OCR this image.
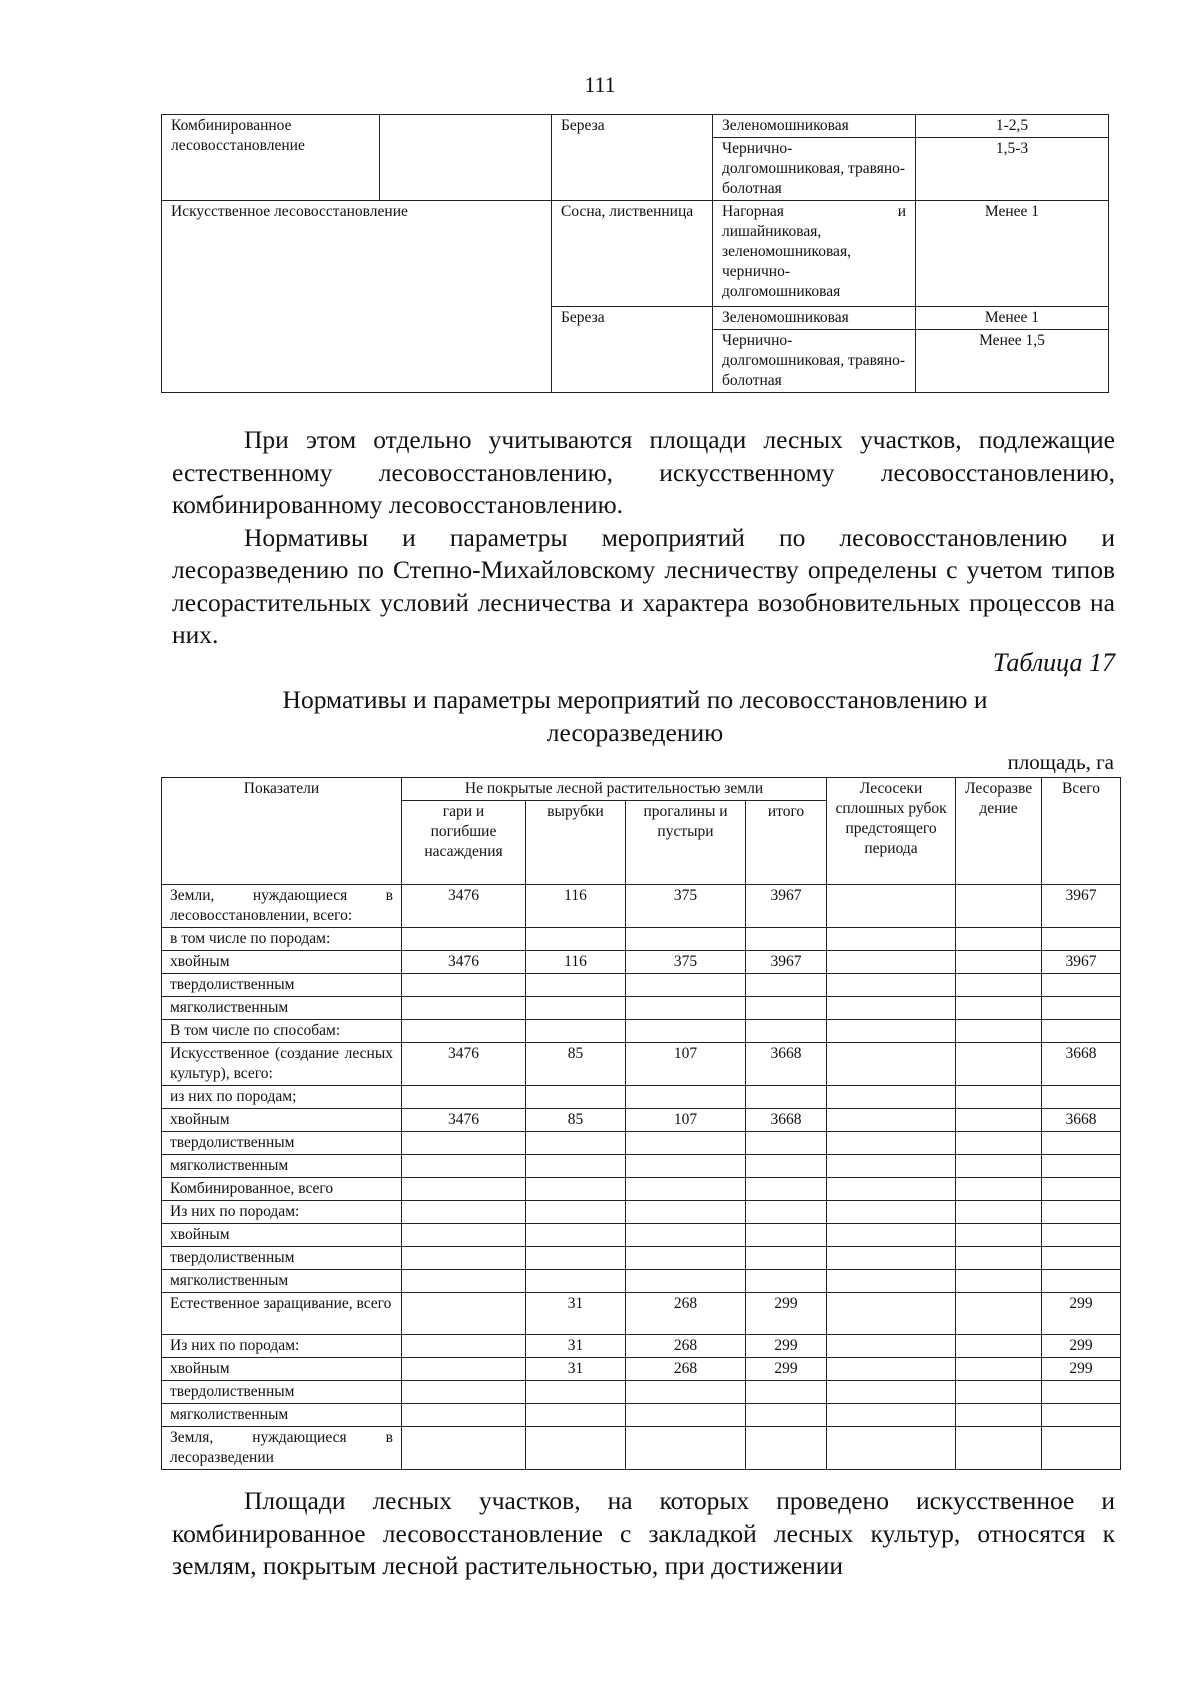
111
Комбинированное лесовосстановление		Береза	Зеленомошниковая	1-2,5
			Чернично-долгомошниковая, травяно-болотная	1,5-3
Искусственное лесовосстановление		Сосна, лиственница	Нагорная и
лишайниковая, зеленомошниковая, чернично-долгомошниковая	Менее 1
		Береза	Зеленомошниковая	Менее 1
			Чернично-долгомошниковая, травяно-болотная	Менее 1,5

При этом отдельно учитываются площади лесных участков, подлежащие естественному лесовосстановлению, искусственному лесовосстановлению, комбинированному лесовосстановлению.

Нормативы и параметры мероприятий по лесовосстановлению и лесоразведению по Степно-Михайловскому лесничеству определены с учетом типов лесорастительных условий лесничества и характера возобновительных процессов на них.

Таблица 17
Нормативы и параметры мероприятий по лесовосстановлению и лесоразведению
площадь, га
Показатели	Не покрытые лесной растительностью земли				Лесосеки сплошных рубок предстоящего периода	Лесоразведение	Всего
	гари и погибшие насаждения	вырубки	прогалины и пустыри	итого			
Земли, нуждающиеся в лесовосстановлении, всего:	3476	116	375	3967			3967
в том числе по породам:							
хвойным	3476	116	375	3967			3967
твердолиственным							
мягколиственным							
В том числе по способам:							
Искусственное (создание лесных культур), всего:	3476	85	107	3668			3668
из них по породам;							
хвойным	3476	85	107	3668			3668
твердолиственным							
мягколиственным							
Комбинированное, всего							
Из них по породам:							
хвойным							
твердолиственным							
мягколиственным							
Естественное зарaщивание, всего		31	268	299			299
Из них по породам:		31	268	299			299
хвойным		31	268	299			299
твердолиственным							
мягколиственным							
Земля, нуждающиеся в лесоразведении							

Площади лесных участков, на которых проведено искусственное и комбинированное лесовосстановление с закладкой лесных культур, относятся к землям, покрытым лесной растительностью, при достижении
